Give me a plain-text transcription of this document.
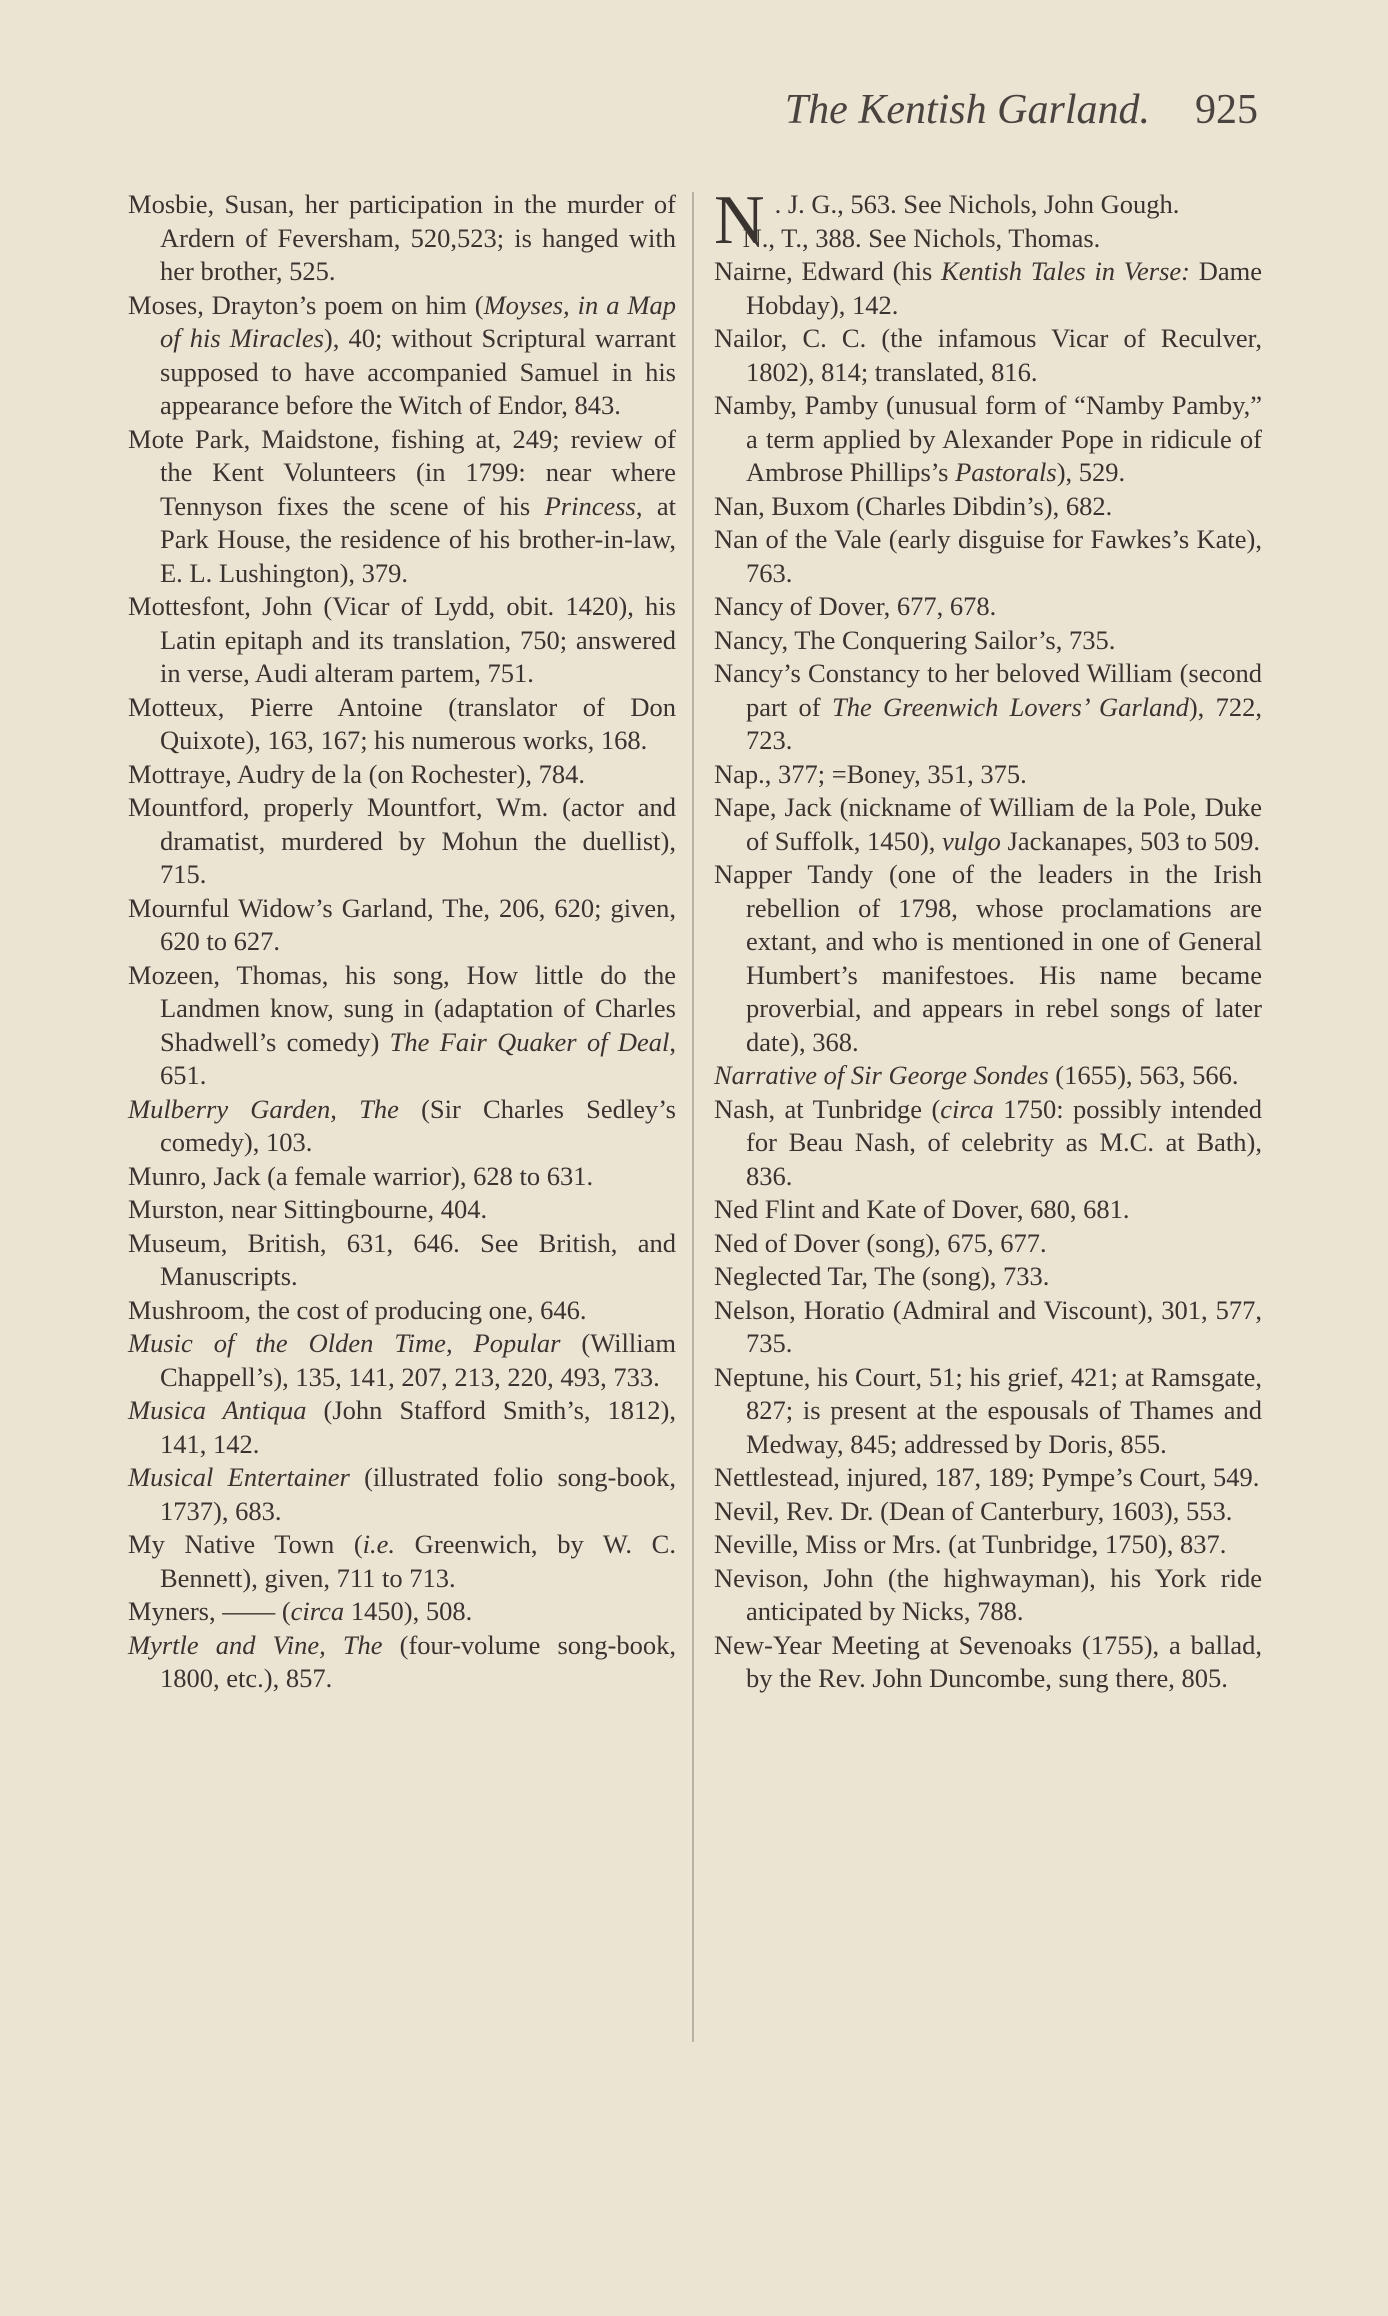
The Kentish Garland. 925

Mosbie, Susan, her participation in the murder of Ardern of Feversham, 520,523; is hanged with her brother, 525.

Moses, Drayton’s poem on him (Moyses, in a Map of his Miracles), 40; without Scriptural warrant supposed to have accompanied Samuel in his appearance before the Witch of Endor, 843.

Mote Park, Maidstone, fishing at, 249; review of the Kent Volunteers (in 1799: near where Tennyson fixes the scene of his Princess, at Park House, the residence of his brother-in-law, E. L. Lushington), 379.

Mottesfont, John (Vicar of Lydd, obit. 1420), his Latin epitaph and its translation, 750; answered in verse, Audi alteram partem, 751.

Motteux, Pierre Antoine (translator of Don Quixote), 163, 167; his numerous works, 168.

Mottraye, Audry de la (on Rochester), 784.

Mountford, properly Mountfort, Wm. (actor and dramatist, murdered by Mohun the duellist), 715.

Mournful Widow’s Garland, The, 206, 620; given, 620 to 627.

Mozeen, Thomas, his song, How little do the Landmen know, sung in (adaptation of Charles Shadwell’s comedy) The Fair Quaker of Deal, 651.

Mulberry Garden, The (Sir Charles Sedley’s comedy), 103.

Munro, Jack (a female warrior), 628 to 631.

Murston, near Sittingbourne, 404.

Museum, British, 631, 646. See British, and Manuscripts.

Mushroom, the cost of producing one, 646.

Music of the Olden Time, Popular (William Chappell’s), 135, 141, 207, 213, 220, 493, 733.

Musica Antiqua (John Stafford Smith’s, 1812), 141, 142.

Musical Entertainer (illustrated folio song-book, 1737), 683.

My Native Town (i.e. Greenwich, by W. C. Bennett), given, 711 to 713.

Myners, —— (circa 1450), 508.

Myrtle and Vine, The (four-volume song-book, 1800, etc.), 857.

N . J. G., 563. See Nichols, John Gough.

N., T., 388. See Nichols, Thomas.

Nairne, Edward (his Kentish Tales in Verse: Dame Hobday), 142.

Nailor, C. C. (the infamous Vicar of Reculver, 1802), 814; translated, 816.

Namby, Pamby (unusual form of “Namby Pamby,” a term applied by Alexander Pope in ridicule of Ambrose Phillips’s Pastorals), 529.

Nan, Buxom (Charles Dibdin’s), 682.

Nan of the Vale (early disguise for Fawkes’s Kate), 763.

Nancy of Dover, 677, 678.

Nancy, The Conquering Sailor’s, 735.

Nancy’s Constancy to her beloved William (second part of The Greenwich Lovers’ Garland), 722, 723.

Nap., 377; =Boney, 351, 375.

Nape, Jack (nickname of William de la Pole, Duke of Suffolk, 1450), vulgo Jackanapes, 503 to 509.

Napper Tandy (one of the leaders in the Irish rebellion of 1798, whose proclamations are extant, and who is mentioned in one of General Humbert’s manifestoes. His name became proverbial, and appears in rebel songs of later date), 368.

Narrative of Sir George Sondes (1655), 563, 566.

Nash, at Tunbridge (circa 1750: possibly intended for Beau Nash, of celebrity as M.C. at Bath), 836.

Ned Flint and Kate of Dover, 680, 681.

Ned of Dover (song), 675, 677.

Neglected Tar, The (song), 733.

Nelson, Horatio (Admiral and Viscount), 301, 577, 735.

Neptune, his Court, 51; his grief, 421; at Ramsgate, 827; is present at the espousals of Thames and Medway, 845; addressed by Doris, 855.

Nettlestead, injured, 187, 189; Pympe’s Court, 549.

Nevil, Rev. Dr. (Dean of Canterbury, 1603), 553.

Neville, Miss or Mrs. (at Tunbridge, 1750), 837.

Nevison, John (the highwayman), his York ride anticipated by Nicks, 788.

New-Year Meeting at Sevenoaks (1755), a ballad, by the Rev. John Duncombe, sung there, 805.
